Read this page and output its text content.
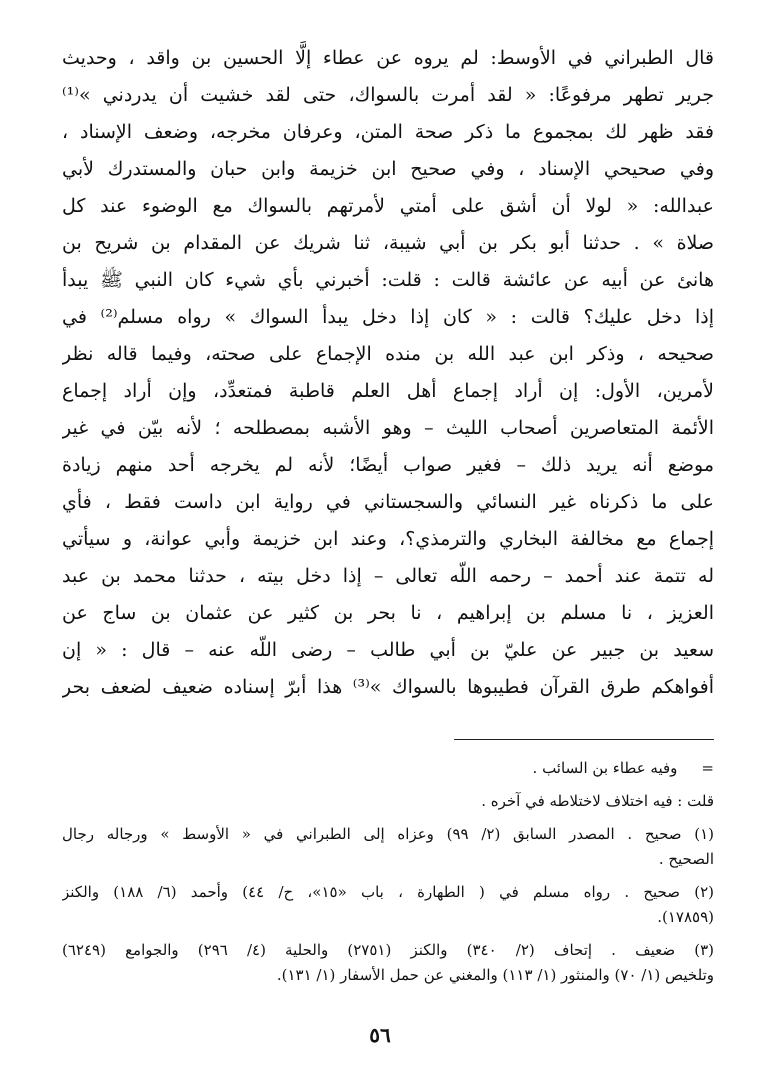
قال الطبراني في الأوسط: لم يروه عن عطاء إلَّا الحسين بن واقد ، وحديث
جرير تطهر مرفوعًا: « لقد أمرت بالسواك، حتى لقد خشيت أن يدردني »⁽¹⁾
فقد ظهر لك بمجموع ما ذكر صحة المتن، وعرفان مخرجه، وضعف الإسناد ،
وفي صحيحي الإسناد ، وفي صحيح ابن خزيمة وابن حبان والمستدرك لأبي
عبدالله: « لولا أن أشق على أمتي لأمرتهم بالسواك مع الوضوء عند كل
صلاة » . حدثنا أبو بكر بن أبي شيبة، ثنا شريك عن المقدام بن شريح بن
هانئ عن أبيه عن عائشة قالت : قلت: أخبرني بأي شيء كان النبي ﷺ يبدأ
إذا دخل عليك؟ قالت : « كان إذا دخل يبدأ السواك » رواه مسلم⁽²⁾ في
صحيحه ، وذكر ابن عبد الله بن منده الإجماع على صحته، وفيما قاله نظر
لأمرين، الأول: إن أراد إجماع أهل العلم قاطبة فمتعدِّد، وإن أراد إجماع
الأئمة المتعاصرين أصحاب الليث – وهو الأشبه بمصطلحه ؛ لأنه بيّن في غير
موضع أنه يريد ذلك – فغير صواب أيضًا؛ لأنه لم يخرجه أحد منهم زيادة
على ما ذكرناه غير النسائي والسجستاني في رواية ابن داست فقط ، فأي
إجماع مع مخالفة البخاري والترمذي؟، وعند ابن خزيمة وأبي عوانة، و سيأتي
له تتمة عند أحمد – رحمه اللّه تعالى – إذا دخل بيته ، حدثنا محمد بن عبد
العزيز ، نا مسلم بن إبراهيم ، نا بحر بن كثير عن عثمان بن ساج عن
سعيد بن جبير عن عليّ بن أبي طالب – رضى اللّه عنه – قال : « إن
أفواهكم طرق القرآن فطيبوها بالسواك »⁽³⁾ هذا أبرّ إسناده ضعيف لضعف بحر
=وفيه عطاء بن السائب .
قلت : فيه اختلاف لاختلاطه في آخره .
(١) صحيح . المصدر السابق (٢/ ٩٩) وعزاه إلى الطبراني في « الأوسط » ورجاله رجال
الصحيح .
(٢) صحيح . رواه مسلم في ( الطهارة ، باب «١٥»، ح/ ٤٤) وأحمد (٦/ ١٨٨) والكنز
(١٧٨٥٩).
(٣) ضعيف . إتحاف (٢/ ٣٤٠) والكنز (٢٧٥١) والحلية (٤/ ٢٩٦) والجوامع (٦٢٤٩)
وتلخيص (١/ ٧٠) والمنثور (١/ ١١٣) والمغني عن حمل الأسفار (١/ ١٣١).
٥٦
